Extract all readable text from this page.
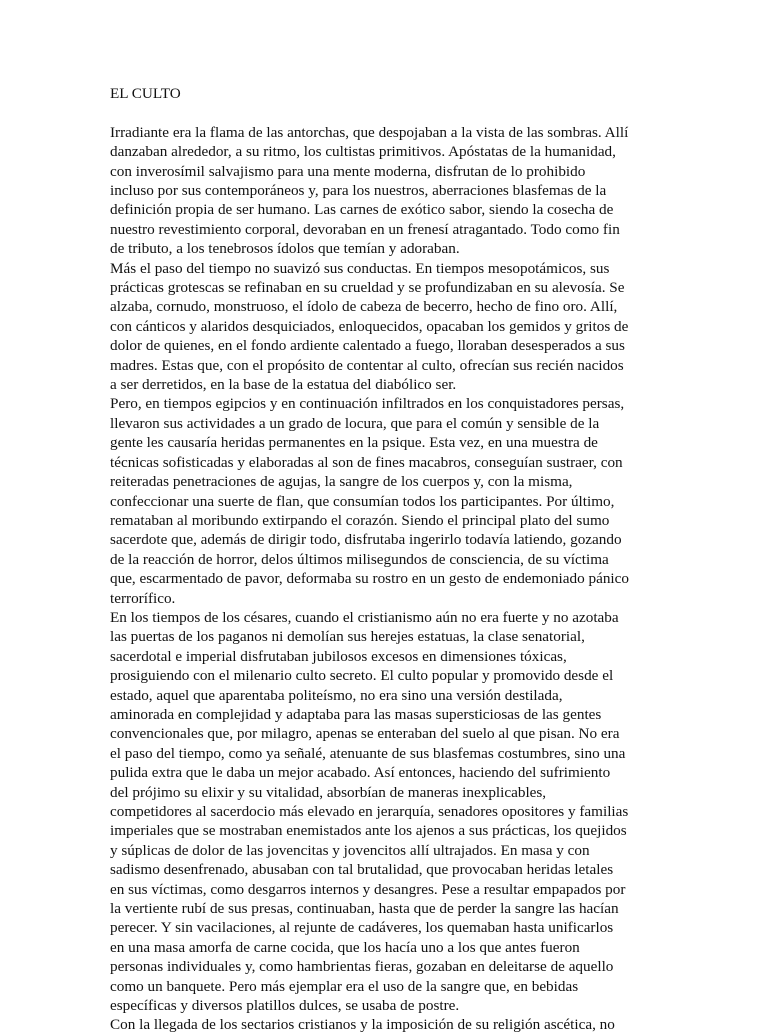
EL CULTO

Irradiante era la flama de las antorchas, que despojaban a la vista de las sombras. Allí danzaban alrededor, a su ritmo, los cultistas primitivos. Apóstatas de la humanidad, con inverosímil salvajismo para una mente moderna, disfrutan de lo prohibido incluso por sus contemporáneos y, para los nuestros, aberraciones blasfemas de la definición propia de ser humano. Las carnes de exótico sabor, siendo la cosecha de nuestro revestimiento corporal, devoraban en un frenesí atragantado. Todo como fin de tributo, a los tenebrosos ídolos que temían y adoraban.

Más el paso del tiempo no suavizó sus conductas. En tiempos mesopotámicos, sus prácticas grotescas se refinaban en su crueldad y se profundizaban en su alevosía. Se alzaba, cornudo, monstruoso, el ídolo de cabeza de becerro, hecho de fino oro. Allí, con cánticos y alaridos desquiciados, enloquecidos, opacaban los gemidos y gritos de dolor de quienes, en el fondo ardiente calentado a fuego, lloraban desesperados a sus madres. Estas que, con el propósito de contentar al culto, ofrecían sus recién nacidos a ser derretidos, en la base de la estatua del diabólico ser.

Pero, en tiempos egipcios y en continuación infiltrados en los conquistadores persas, llevaron sus actividades a un grado de locura, que para el común y sensible de la gente les causaría heridas permanentes en la psique. Esta vez, en una muestra de técnicas sofisticadas y elaboradas al son de fines macabros, conseguían sustraer, con reiteradas penetraciones de agujas, la sangre de los cuerpos y, con la misma, confeccionar una suerte de flan, que consumían todos los participantes. Por último, remataban al moribundo extirpando el corazón. Siendo el principal plato del sumo sacerdote que, además de dirigir todo, disfrutaba ingerirlo todavía latiendo, gozando de la reacción de horror, delos últimos milisegundos de consciencia, de su víctima que, escarmentado de pavor, deformaba su rostro en un gesto de endemoniado pánico terrorífico.

En los tiempos de los césares, cuando el cristianismo aún no era fuerte y no azotaba las puertas de los paganos ni demolían sus herejes estatuas, la clase senatorial, sacerdotal e imperial disfrutaban jubilosos excesos en dimensiones tóxicas, prosiguiendo con el milenario culto secreto. El culto popular y promovido desde el estado, aquel que aparentaba politeísmo, no era sino una versión destilada, aminorada en complejidad y adaptaba para las masas supersticiosas de las gentes convencionales que, por milagro, apenas se enteraban del suelo al que pisan. No era el paso del tiempo, como ya señalé, atenuante de sus blasfemas costumbres, sino una pulida extra que le daba un mejor acabado. Así entonces, haciendo del sufrimiento del prójimo su elixir y su vitalidad, absorbían de maneras inexplicables, competidores al sacerdocio más elevado en jerarquía, senadores opositores y familias imperiales que se mostraban enemistados ante los ajenos a sus prácticas, los quejidos y súplicas de dolor de las jovencitas y jovencitos allí ultrajados. En masa y con sadismo desenfrenado, abusaban con tal brutalidad, que provocaban heridas letales en sus víctimas, como desgarros internos y desangres. Pese a resultar empapados por la vertiente rubí de sus presas, continuaban, hasta que de perder la sangre las hacían perecer. Y sin vacilaciones, al rejunte de cadáveres, los quemaban hasta unificarlos en una masa amorfa de carne cocida, que los hacía uno a los que antes fueron personas individuales y, como hambrientas fieras, gozaban en deleitarse de aquello como un banquete. Pero más ejemplar era el uso de la sangre que, en bebidas específicas y diversos platillos dulces, se usaba de postre.

Con la llegada de los sectarios cristianos y la imposición de su religión ascética, no
